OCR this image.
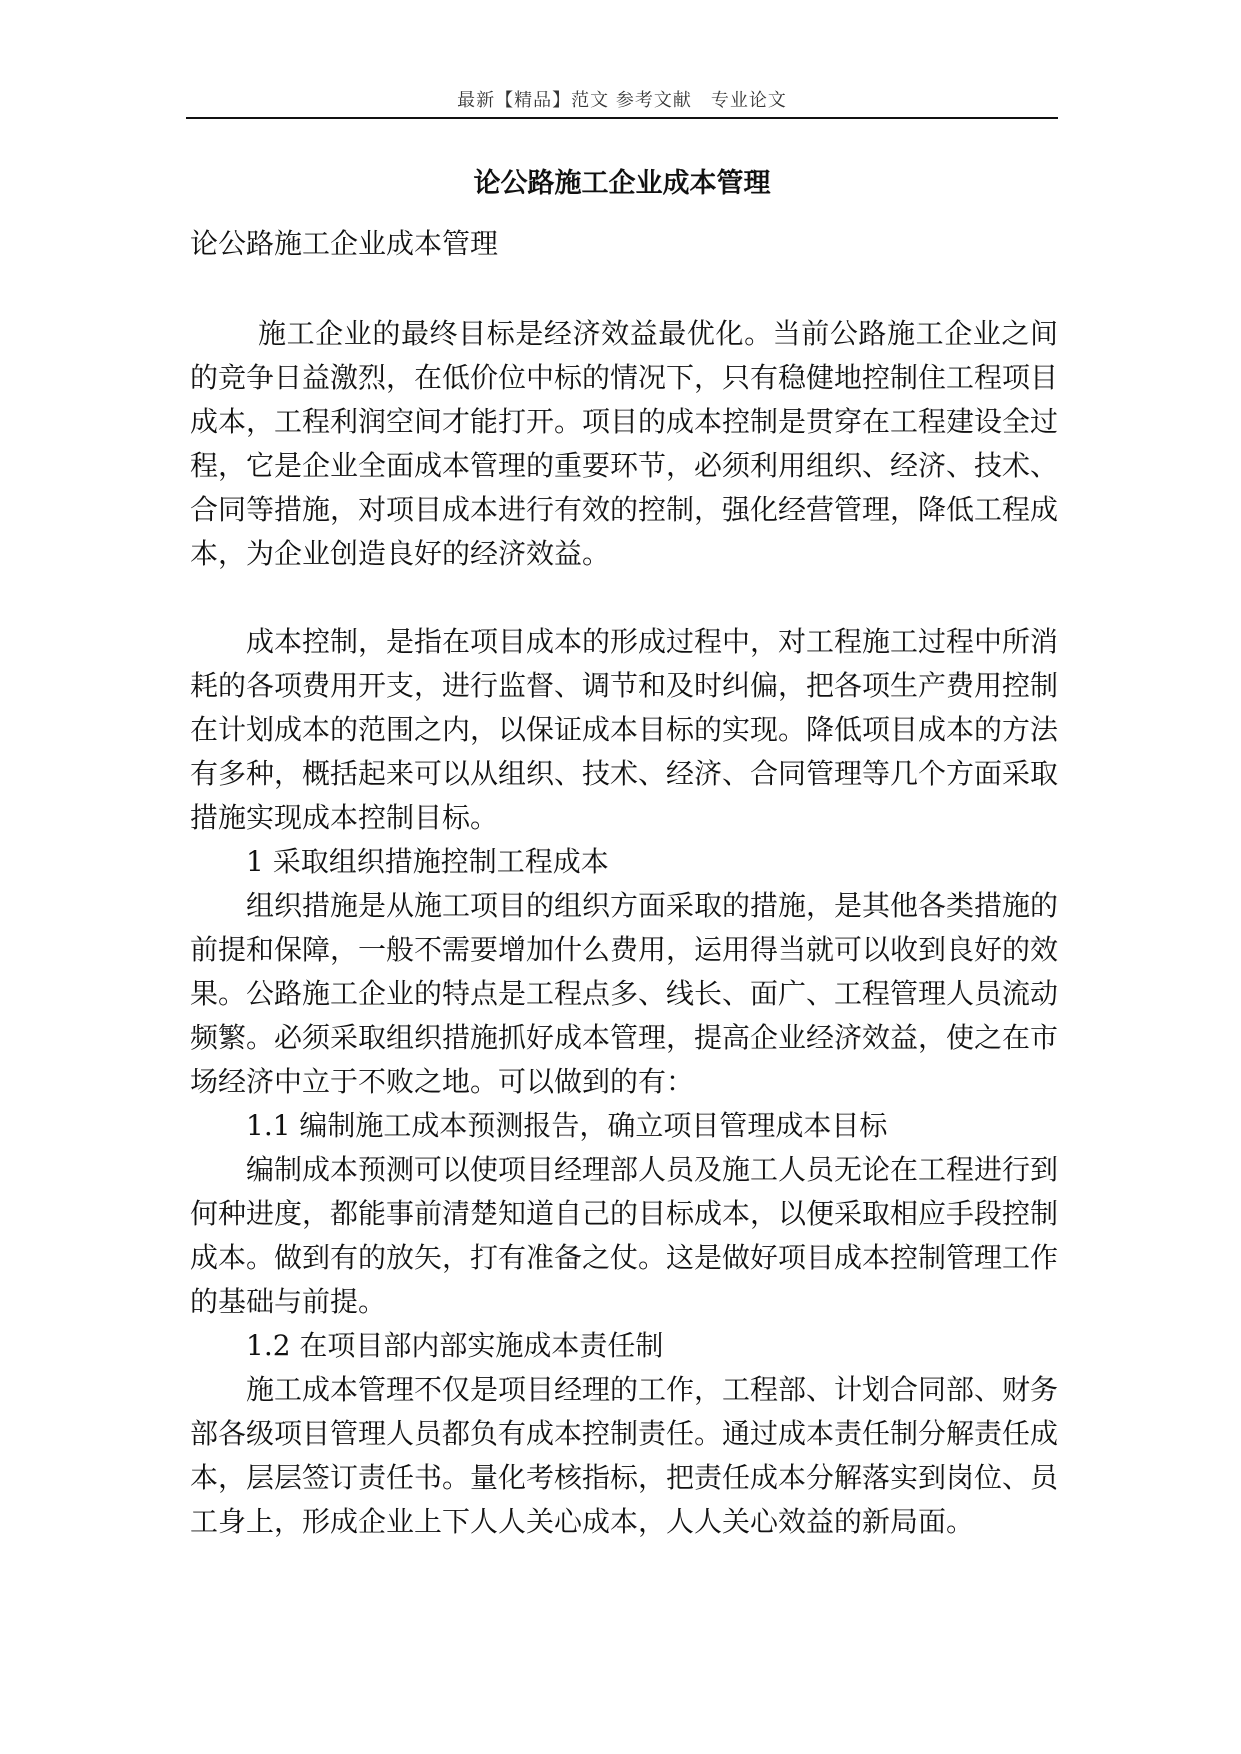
最新【精品】范文 参考文献　专业论文
论公路施工企业成本管理

论公路施工企业成本管理

施工企业的最终目标是经济效益最优化。当前公路施工企业之间的竞争日益激烈，在低价位中标的情况下，只有稳健地控制住工程项目成本，工程利润空间才能打开。项目的成本控制是贯穿在工程建设全过程，它是企业全面成本管理的重要环节，必须利用组织、经济、技术、合同等措施，对项目成本进行有效的控制，强化经营管理，降低工程成本，为企业创造良好的经济效益。

成本控制，是指在项目成本的形成过程中，对工程施工过程中所消耗的各项费用开支，进行监督、调节和及时纠偏，把各项生产费用控制在计划成本的范围之内，以保证成本目标的实现。降低项目成本的方法有多种，概括起来可以从组织、技术、经济、合同管理等几个方面采取措施实现成本控制目标。

1 采取组织措施控制工程成本

组织措施是从施工项目的组织方面采取的措施，是其他各类措施的前提和保障，一般不需要增加什么费用，运用得当就可以收到良好的效果。公路施工企业的特点是工程点多、线长、面广、工程管理人员流动频繁。必须采取组织措施抓好成本管理，提高企业经济效益，使之在市场经济中立于不败之地。可以做到的有：

1.1 编制施工成本预测报告，确立项目管理成本目标

编制成本预测可以使项目经理部人员及施工人员无论在工程进行到何种进度，都能事前清楚知道自己的目标成本，以便采取相应手段控制成本。做到有的放矢，打有准备之仗。这是做好项目成本控制管理工作的基础与前提。

1.2 在项目部内部实施成本责任制

施工成本管理不仅是项目经理的工作，工程部、计划合同部、财务部各级项目管理人员都负有成本控制责任。通过成本责任制分解责任成本，层层签订责任书。量化考核指标，把责任成本分解落实到岗位、员工身上，形成企业上下人人关心成本，人人关心效益的新局面。
